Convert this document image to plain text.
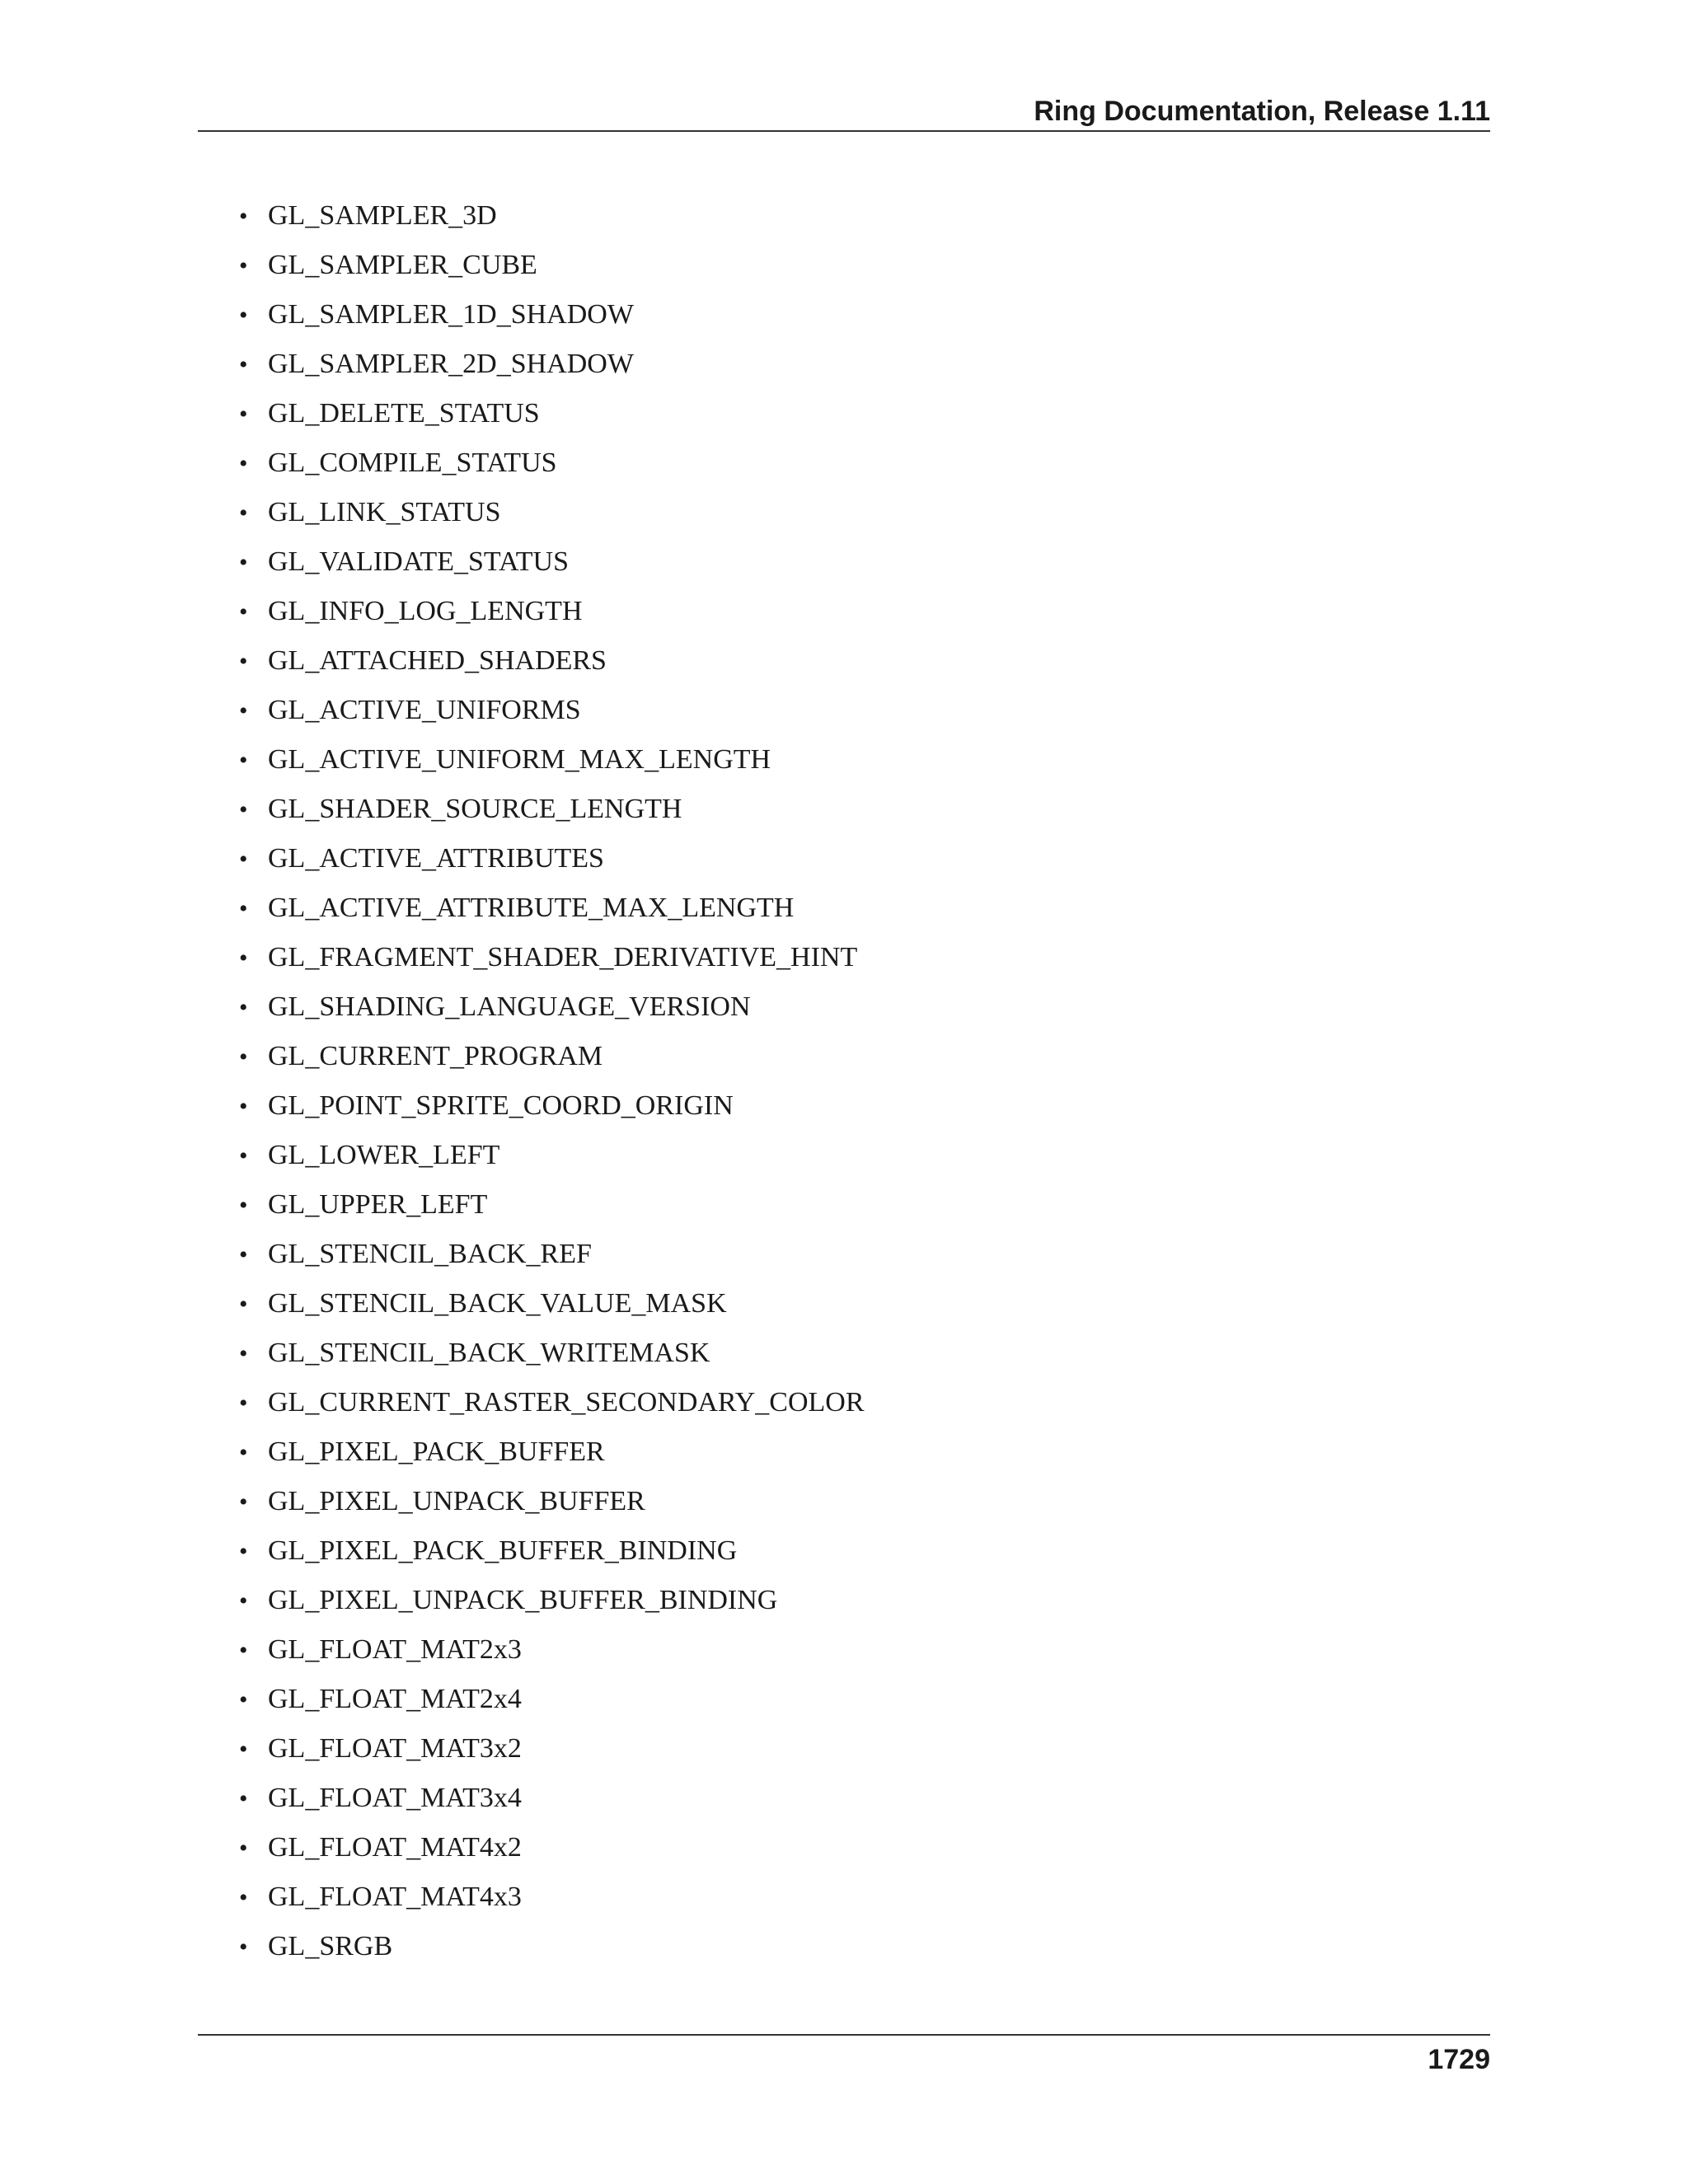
Ring Documentation, Release 1.11
• GL_SAMPLER_3D
• GL_SAMPLER_CUBE
• GL_SAMPLER_1D_SHADOW
• GL_SAMPLER_2D_SHADOW
• GL_DELETE_STATUS
• GL_COMPILE_STATUS
• GL_LINK_STATUS
• GL_VALIDATE_STATUS
• GL_INFO_LOG_LENGTH
• GL_ATTACHED_SHADERS
• GL_ACTIVE_UNIFORMS
• GL_ACTIVE_UNIFORM_MAX_LENGTH
• GL_SHADER_SOURCE_LENGTH
• GL_ACTIVE_ATTRIBUTES
• GL_ACTIVE_ATTRIBUTE_MAX_LENGTH
• GL_FRAGMENT_SHADER_DERIVATIVE_HINT
• GL_SHADING_LANGUAGE_VERSION
• GL_CURRENT_PROGRAM
• GL_POINT_SPRITE_COORD_ORIGIN
• GL_LOWER_LEFT
• GL_UPPER_LEFT
• GL_STENCIL_BACK_REF
• GL_STENCIL_BACK_VALUE_MASK
• GL_STENCIL_BACK_WRITEMASK
• GL_CURRENT_RASTER_SECONDARY_COLOR
• GL_PIXEL_PACK_BUFFER
• GL_PIXEL_UNPACK_BUFFER
• GL_PIXEL_PACK_BUFFER_BINDING
• GL_PIXEL_UNPACK_BUFFER_BINDING
• GL_FLOAT_MAT2x3
• GL_FLOAT_MAT2x4
• GL_FLOAT_MAT3x2
• GL_FLOAT_MAT3x4
• GL_FLOAT_MAT4x2
• GL_FLOAT_MAT4x3
• GL_SRGB
1729
